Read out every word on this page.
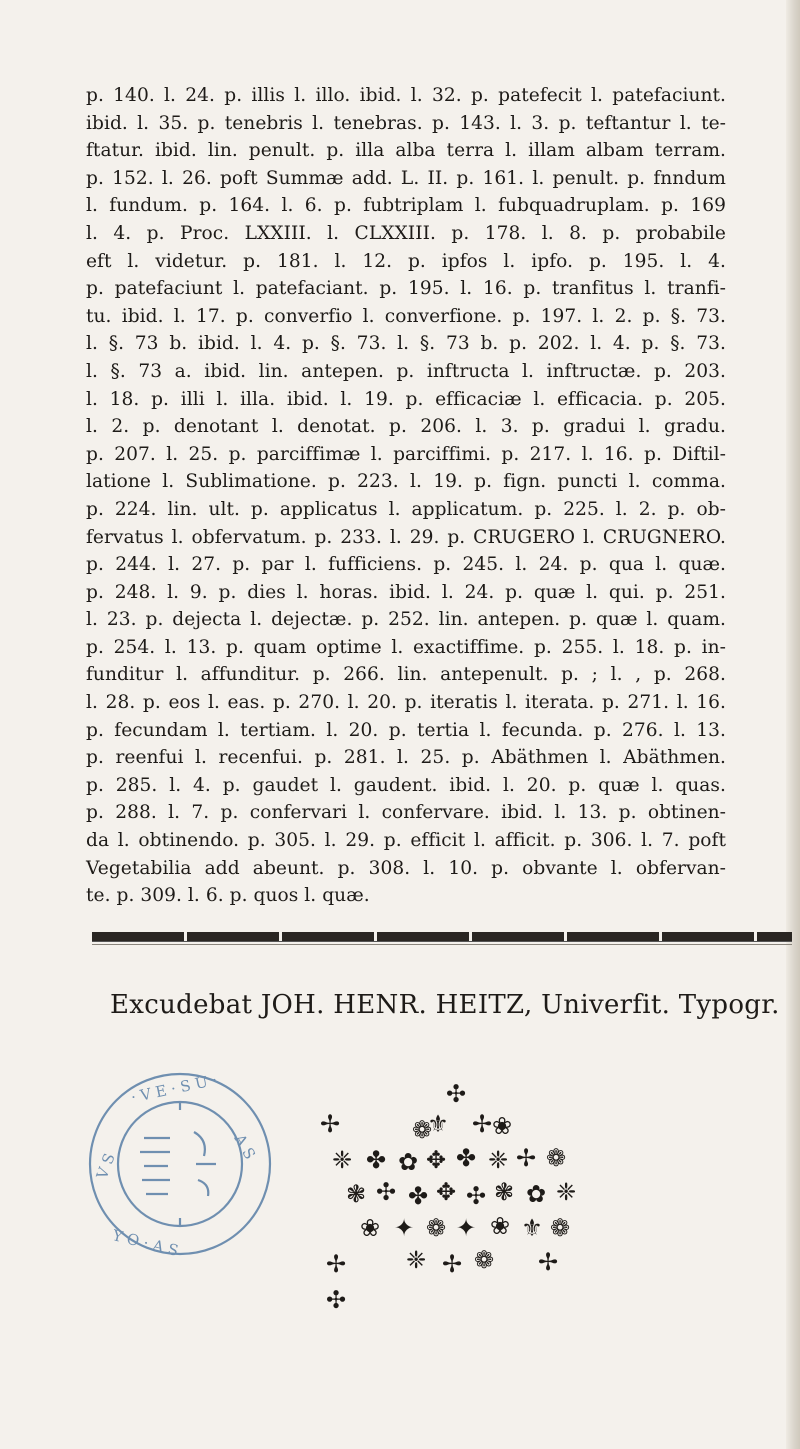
p. 140. l. 24. p. illis l. illo. ibid. l. 32. p. patefecit l. patefaciunt.
ibid. l. 35. p. tenebris l. tenebras. p. 143. l. 3. p. teftantur l. te-
ftatur. ibid. lin. penult. p. illa alba terra l. illam albam terram.
p. 152. l. 26. poft Summæ add. L. II. p. 161. l. penult. p. fnndum
l. fundum. p. 164. l. 6. p. fubtriplam l. fubquadruplam. p. 169
l. 4. p. Proc. LXXIII. l. CLXXIII. p. 178. l. 8. p. probabile
eft l. videtur. p. 181. l. 12. p. ipfos l. ipfo. p. 195. l. 4.
p. patefaciunt l. patefaciant. p. 195. l. 16. p. tranfitus l. tranfi-
tu. ibid. l. 17. p. converfio l. converfione. p. 197. l. 2. p. §. 73.
l. §. 73 b. ibid. l. 4. p. §. 73. l. §. 73 b. p. 202. l. 4. p. §. 73.
l. §. 73 a. ibid. lin. antepen. p. inftructa l. inftructæ. p. 203.
l. 18. p. illi l. illa. ibid. l. 19. p. efficaciæ l. efficacia. p. 205.
l. 2. p. denotant l. denotat. p. 206. l. 3. p. gradui l. gradu.
p. 207. l. 25. p. parciffimæ l. parciffimi. p. 217. l. 16. p. Diftil-
latione l. Sublimatione. p. 223. l. 19. p. fign. puncti l. comma.
p. 224. lin. ult. p. applicatus l. applicatum. p. 225. l. 2. p. ob-
fervatus l. obfervatum. p. 233. l. 29. p. CRUGERO l. CRUGNERO.
p. 244. l. 27. p. par l. fufficiens. p. 245. l. 24. p. qua l. quæ.
p. 248. l. 9. p. dies l. horas. ibid. l. 24. p. quæ l. qui. p. 251.
l. 23. p. dejecta l. dejectæ. p. 252. lin. antepen. p. quæ l. quam.
p. 254. l. 13. p. quam optime l. exactiffime. p. 255. l. 18. p. in-
funditur l. affunditur. p. 266. lin. antepenult. p. ; l. , p. 268.
l. 28. p. eos l. eas. p. 270. l. 20. p. iteratis l. iterata. p. 271. l. 16.
p. fecundam l. tertiam. l. 20. p. tertia l. fecunda. p. 276. l. 13.
p. reenfui l. recenfui. p. 281. l. 25. p. Abäthmen l. Abäthmen.
p. 285. l. 4. p. gaudet l. gaudent. ibid. l. 20. p. quæ l. quas.
p. 288. l. 7. p. confervari l. confervare. ibid. l. 13. p. obtinen-
da l. obtinendo. p. 305. l. 29. p. efficit l. afficit. p. 306. l. 7. poft
Vegetabilia add abeunt. p. 308. l. 10. p. obvante l. obfervan-
te. p. 309. l. 6. p. quos l. quæ.
Excudebat JOH. HENR. HEITZ, Univerfit. Typogr.
· V E · S U ·
Y O · A S
A S
V S
✣
✢	✢
❁
⚜ ❀
❈ ✤ ✿ ✥ ✤ ❈ ✢ ❁
❃ ✣ ✤ ✥ ✣ ❃ ✿ ❈
❀ ✦ ❁ ✦ ❀ ⚜ ❁
✢ ❈ ✢ ❁ ✢
✣
